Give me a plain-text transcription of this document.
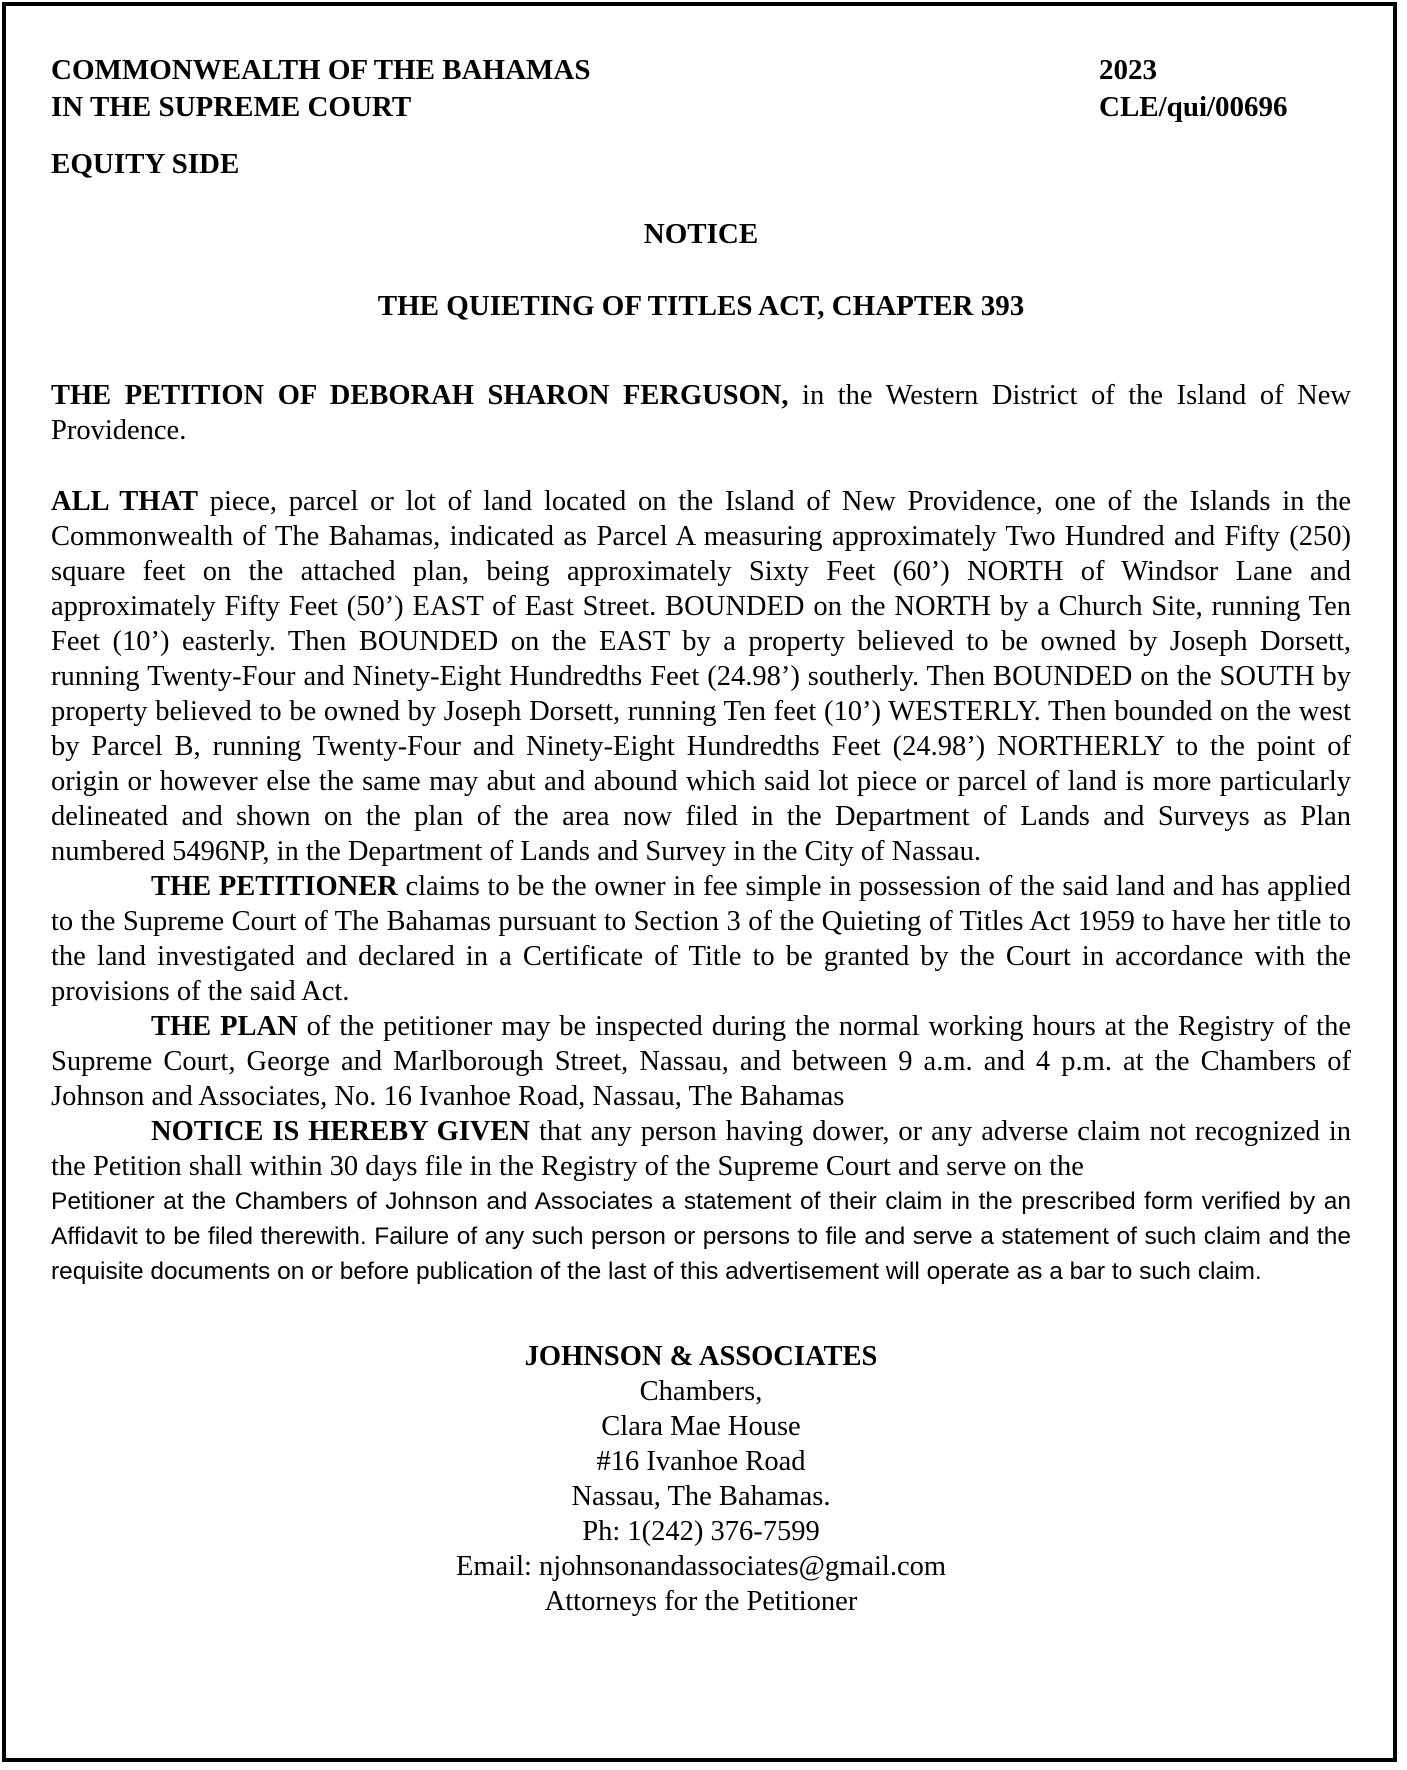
COMMONWEALTH OF THE BAHAMAS	2023
IN THE SUPREME COURT	CLE/qui/00696
EQUITY SIDE
NOTICE
THE QUIETING OF TITLES ACT, CHAPTER 393

THE PETITION OF DEBORAH SHARON FERGUSON, in the Western District of the Island of New Providence.

ALL THAT piece, parcel or lot of land located on the Island of New Providence, one of the Islands in the Commonwealth of The Bahamas, indicated as Parcel A measuring approximately Two Hundred and Fifty (250) square feet on the attached plan, being approximately Sixty Feet (60’) NORTH of Windsor Lane and approximately Fifty Feet (50’) EAST of East Street. BOUNDED on the NORTH by a Church Site, running Ten Feet (10’) easterly. Then BOUNDED on the EAST by a property believed to be owned by Joseph Dorsett, running Twenty-Four and Ninety-Eight Hundredths Feet (24.98’) southerly. Then BOUNDED on the SOUTH by property believed to be owned by Joseph Dorsett, running Ten feet (10’) WESTERLY. Then bounded on the west by Parcel B, running Twenty-Four and Ninety-Eight Hundredths Feet (24.98’) NORTHERLY to the point of origin or however else the same may abut and abound which said lot piece or parcel of land is more particularly delineated and shown on the plan of the area now filed in the Department of Lands and Surveys as Plan numbered 5496NP, in the Department of Lands and Survey in the City of Nassau.

THE PETITIONER claims to be the owner in fee simple in possession of the said land and has applied to the Supreme Court of The Bahamas pursuant to Section 3 of the Quieting of Titles Act 1959 to have her title to the land investigated and declared in a Certificate of Title to be granted by the Court in accordance with the provisions of the said Act.

THE PLAN of the petitioner may be inspected during the normal working hours at the Registry of the Supreme Court, George and Marlborough Street, Nassau, and between 9 a.m. and 4 p.m. at the Chambers of Johnson and Associates, No. 16 Ivanhoe Road, Nassau, The Bahamas

NOTICE IS HEREBY GIVEN that any person having dower, or any adverse claim not recognized in the Petition shall within 30 days file in the Registry of the Supreme Court and serve on the

Petitioner at the Chambers of Johnson and Associates a statement of their claim in the prescribed form verified by an Affidavit to be filed therewith. Failure of any such person or persons to file and serve a statement of such claim and the requisite documents on or before publication of the last of this advertisement will operate as a bar to such claim.

JOHNSON & ASSOCIATES
Chambers,
Clara Mae House
#16 Ivanhoe Road
Nassau, The Bahamas.
Ph: 1(242) 376-7599
Email: njohnsonandassociates@gmail.com
Attorneys for the Petitioner
